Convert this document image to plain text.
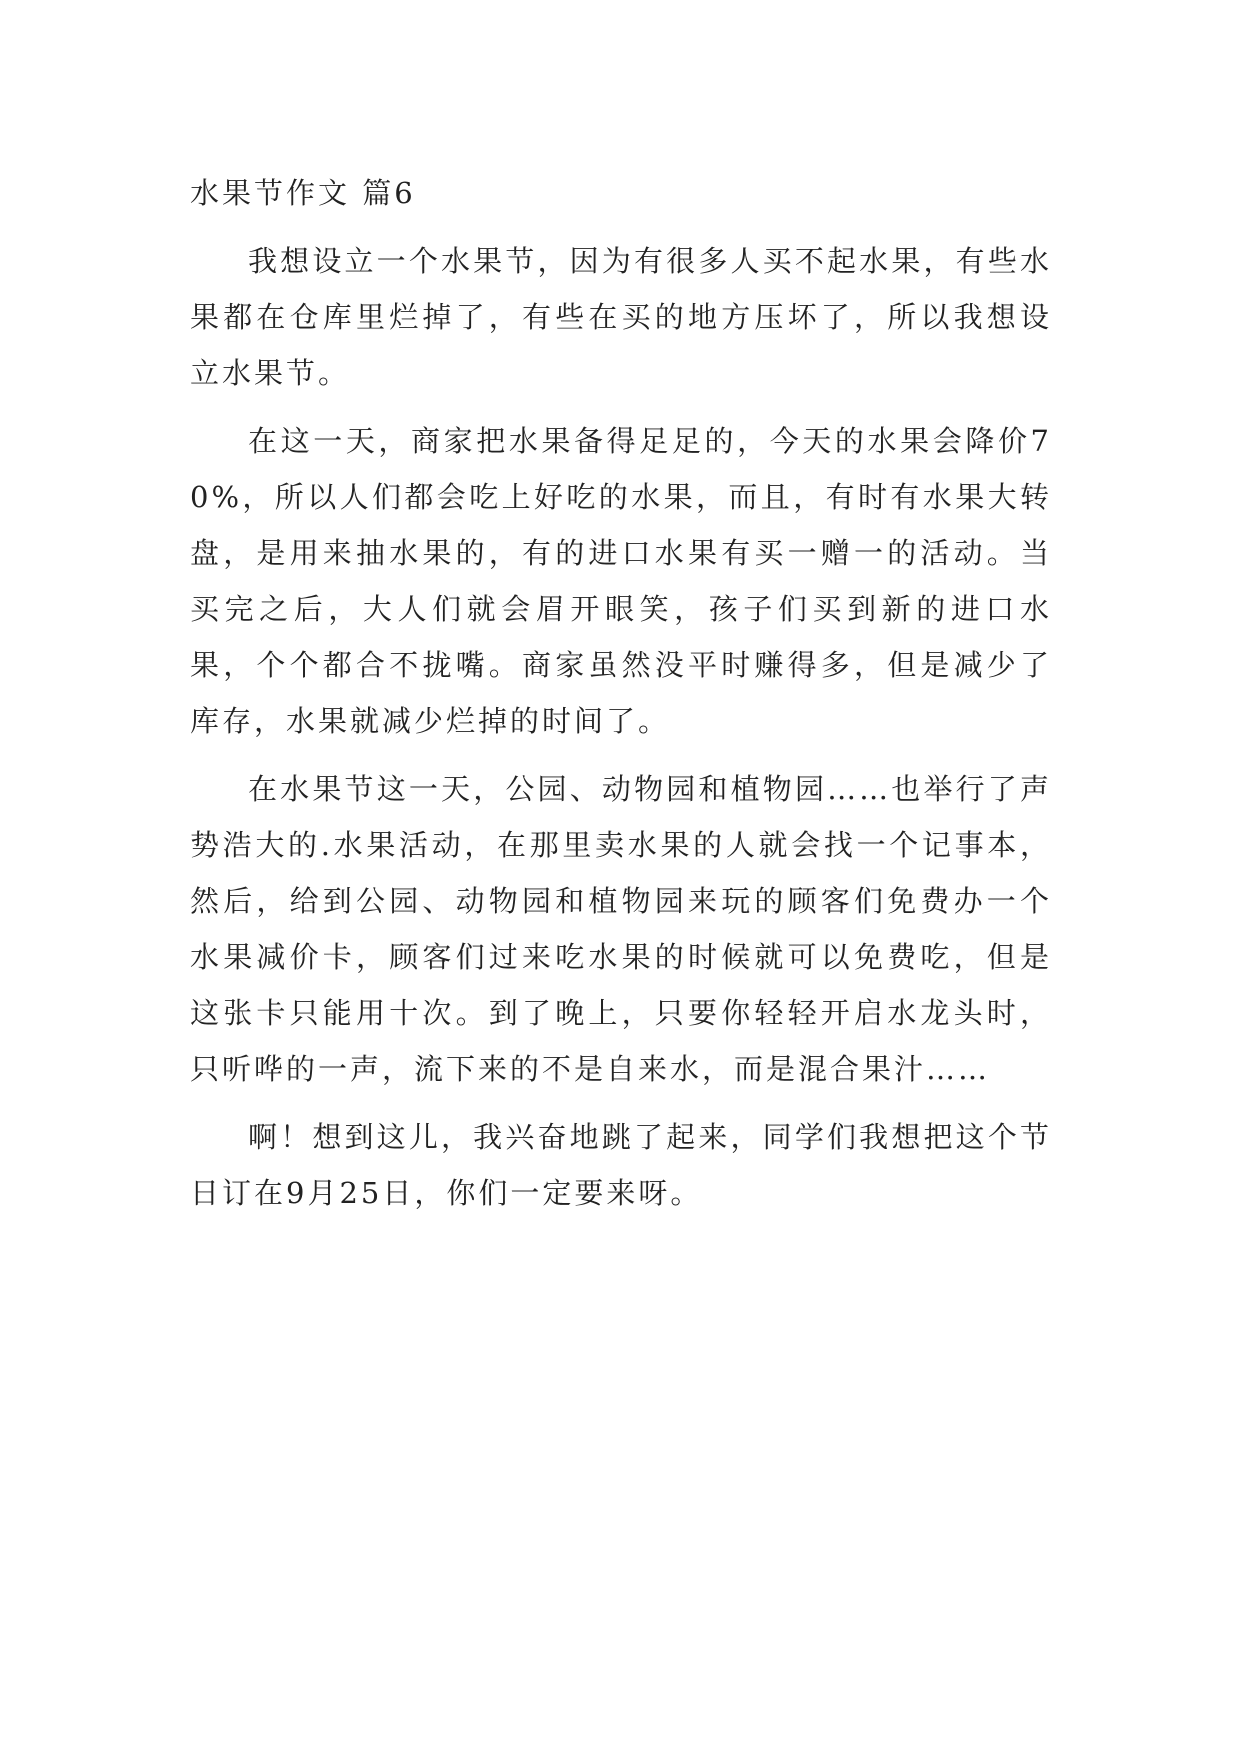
水果节作文 篇6

我想设立一个水果节，因为有很多人买不起水果，有些水果都在仓库里烂掉了，有些在买的地方压坏了，所以我想设立水果节。

在这一天，商家把水果备得足足的，今天的水果会降价70%，所以人们都会吃上好吃的水果，而且，有时有水果大转盘，是用来抽水果的，有的进口水果有买一赠一的活动。当买完之后，大人们就会眉开眼笑，孩子们买到新的进口水果，个个都合不拢嘴。商家虽然没平时赚得多，但是减少了库存，水果就减少烂掉的时间了。

在水果节这一天，公园、动物园和植物园……也举行了声势浩大的.水果活动，在那里卖水果的人就会找一个记事本，然后，给到公园、动物园和植物园来玩的顾客们免费办一个水果减价卡，顾客们过来吃水果的时候就可以免费吃，但是这张卡只能用十次。到了晚上，只要你轻轻开启水龙头时，只听哗的一声，流下来的不是自来水，而是混合果汁……

啊！想到这儿，我兴奋地跳了起来，同学们我想把这个节日订在9月25日，你们一定要来呀。
